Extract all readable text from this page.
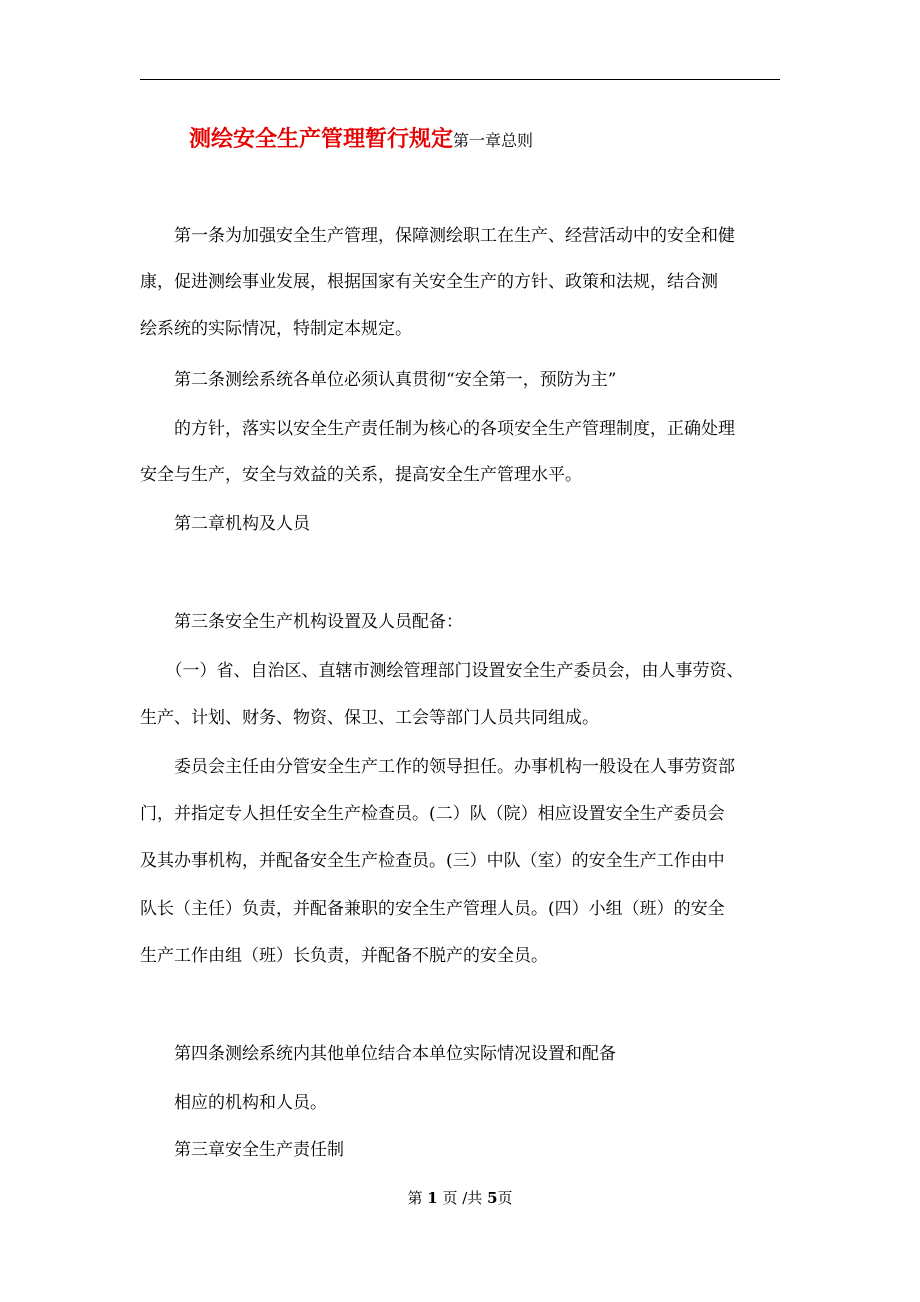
测绘安全生产管理暂行规定第一章总则
　　第一条为加强安全生产管理，保障测绘职工在生产、经营活动中的安全和健
康，促进测绘事业发展，根据国家有关安全生产的方针、政策和法规，结合测
绘系统的实际情况，特制定本规定。
　　第二条测绘系统各单位必须认真贯彻“安全第一，预防为主”
　　的方针，落实以安全生产责任制为核心的各项安全生产管理制度，正确处理
安全与生产，安全与效益的关系，提高安全生产管理水平。
　　第二章机构及人员
　　第三条安全生产机构设置及人员配备：
　　（一）省、自治区、直辖市测绘管理部门设置安全生产委员会，由人事劳资、
生产、计划、财务、物资、保卫、工会等部门人员共同组成。
　　委员会主任由分管安全生产工作的领导担任。办事机构一般设在人事劳资部
门，并指定专人担任安全生产检查员。(二）队（院）相应设置安全生产委员会
及其办事机构，并配备安全生产检查员。(三）中队（室）的安全生产工作由中
队长（主任）负责，并配备兼职的安全生产管理人员。(四）小组（班）的安全
生产工作由组（班）长负责，并配备不脱产的安全员。
　　第四条测绘系统内其他单位结合本单位实际情况设置和配备
　　相应的机构和人员。
　　第三章安全生产责任制
第 1 页 /共 5页
